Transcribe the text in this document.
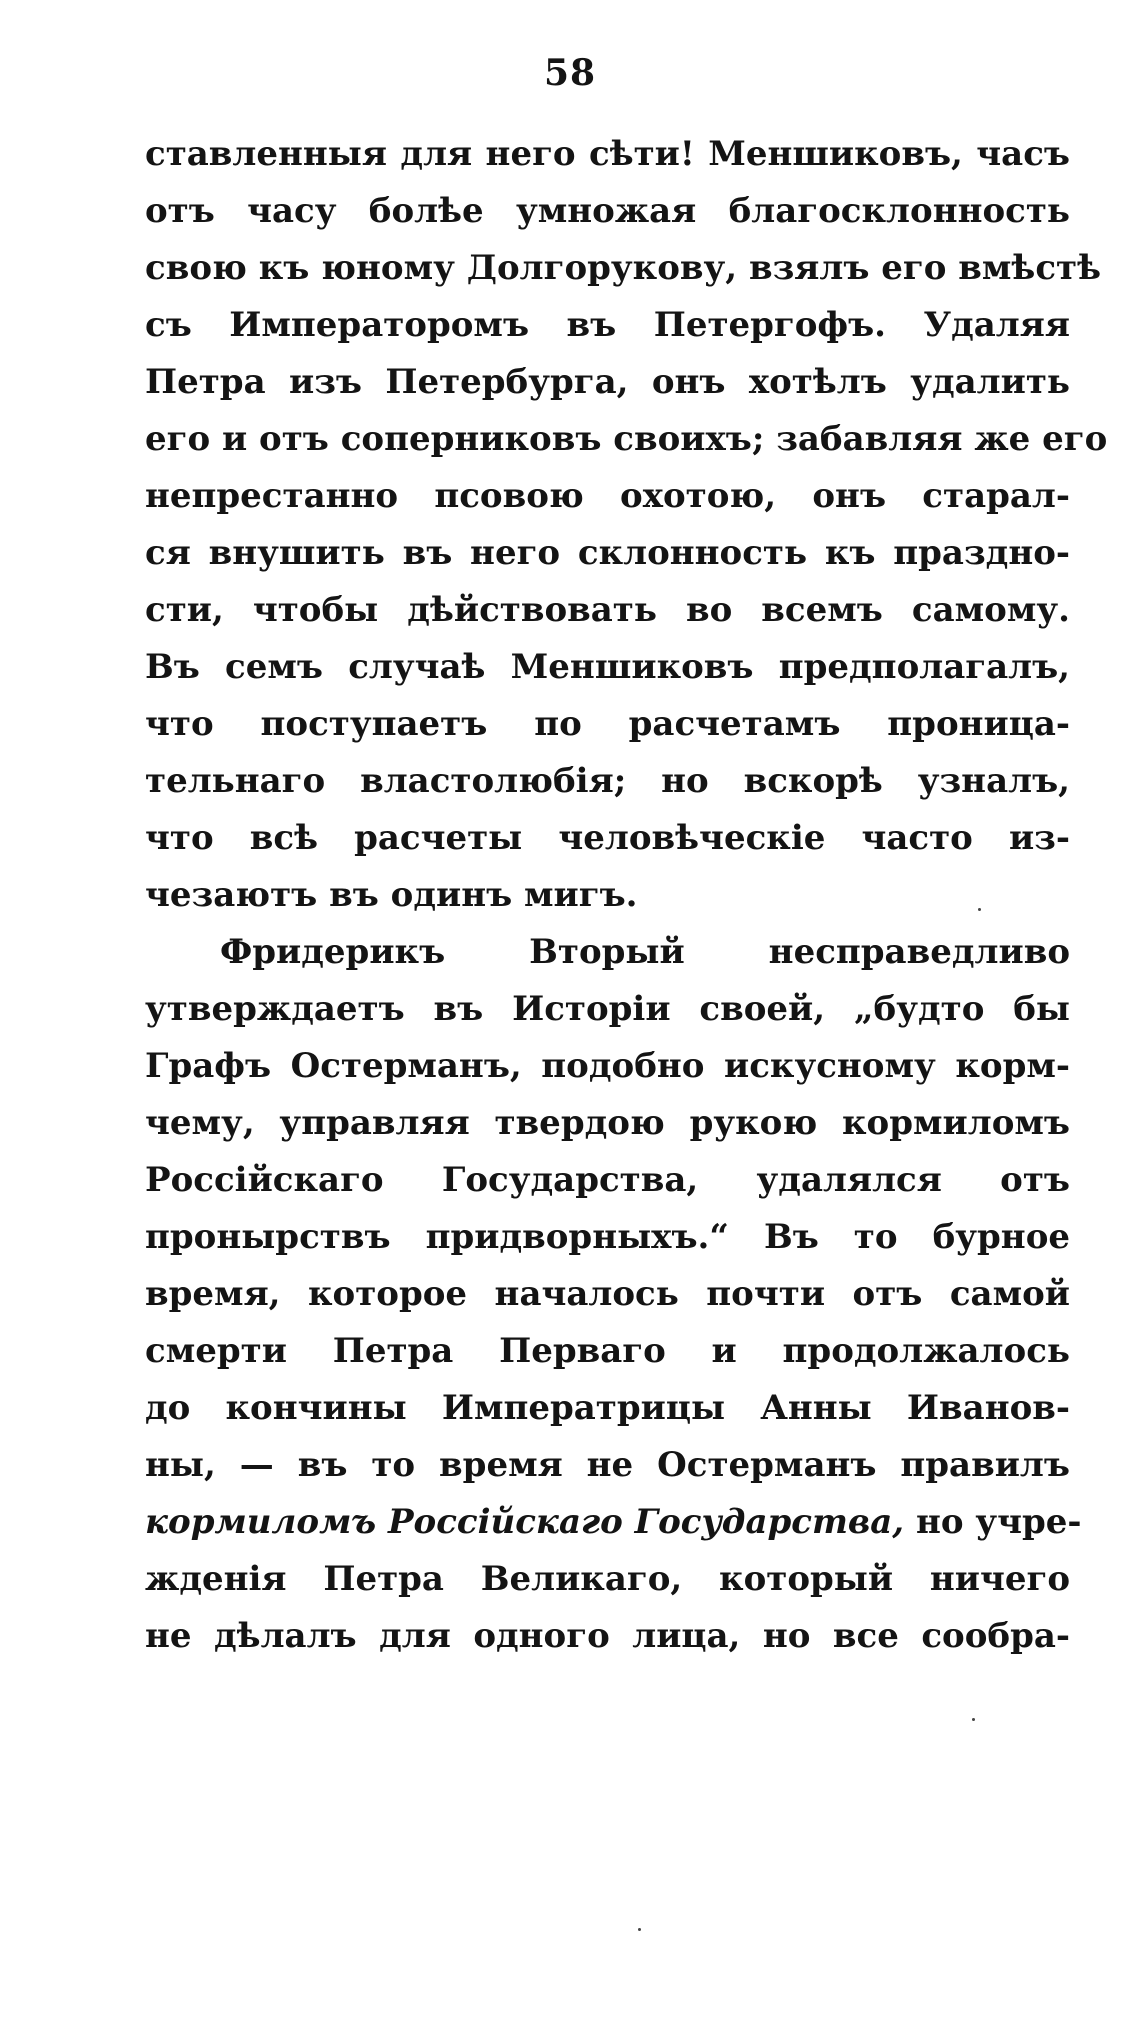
58
ставленныя для него сѣти! Меншиковъ, часъ
отъ часу болѣе умножая благосклонность
свою къ юному Долгорукову, взялъ его вмѣстѣ
съ Императоромъ въ Петергофъ. Удаляя
Петра изъ Петербурга, онъ хотѣлъ удалить
его и отъ соперниковъ своихъ; забавляя же его
непрестанно псовою охотою, онъ старал-
ся внушить въ него склонность къ праздно-
сти, чтобы дѣйствовать во всемъ самому.
Въ семъ случаѣ Меншиковъ предполагалъ,
что поступаетъ по расчетамъ проница-
тельнаго властолюбія; но вскорѣ узналъ,
что всѣ расчеты человѣческіе часто из-
чезаютъ въ одинъ мигъ.
Фридерикъ Вторый несправедливо
утверждаетъ въ Исторіи своей, „будто бы
Графъ Остерманъ, подобно искусному корм-
чему, управляя твердою рукою кормиломъ
Россійскаго Государства, удалялся отъ
пронырствъ придворныхъ.“ Въ то бурное
время, которое началось почти отъ самой
смерти Петра Перваго и продолжалось
до кончины Императрицы Анны Иванов-
ны, — въ то время не Остерманъ правилъ
кормиломъ Россійскаго Государства, но учре-
жденія Петра Великаго, который ничего
не дѣлалъ для одного лица, но все сообра-
